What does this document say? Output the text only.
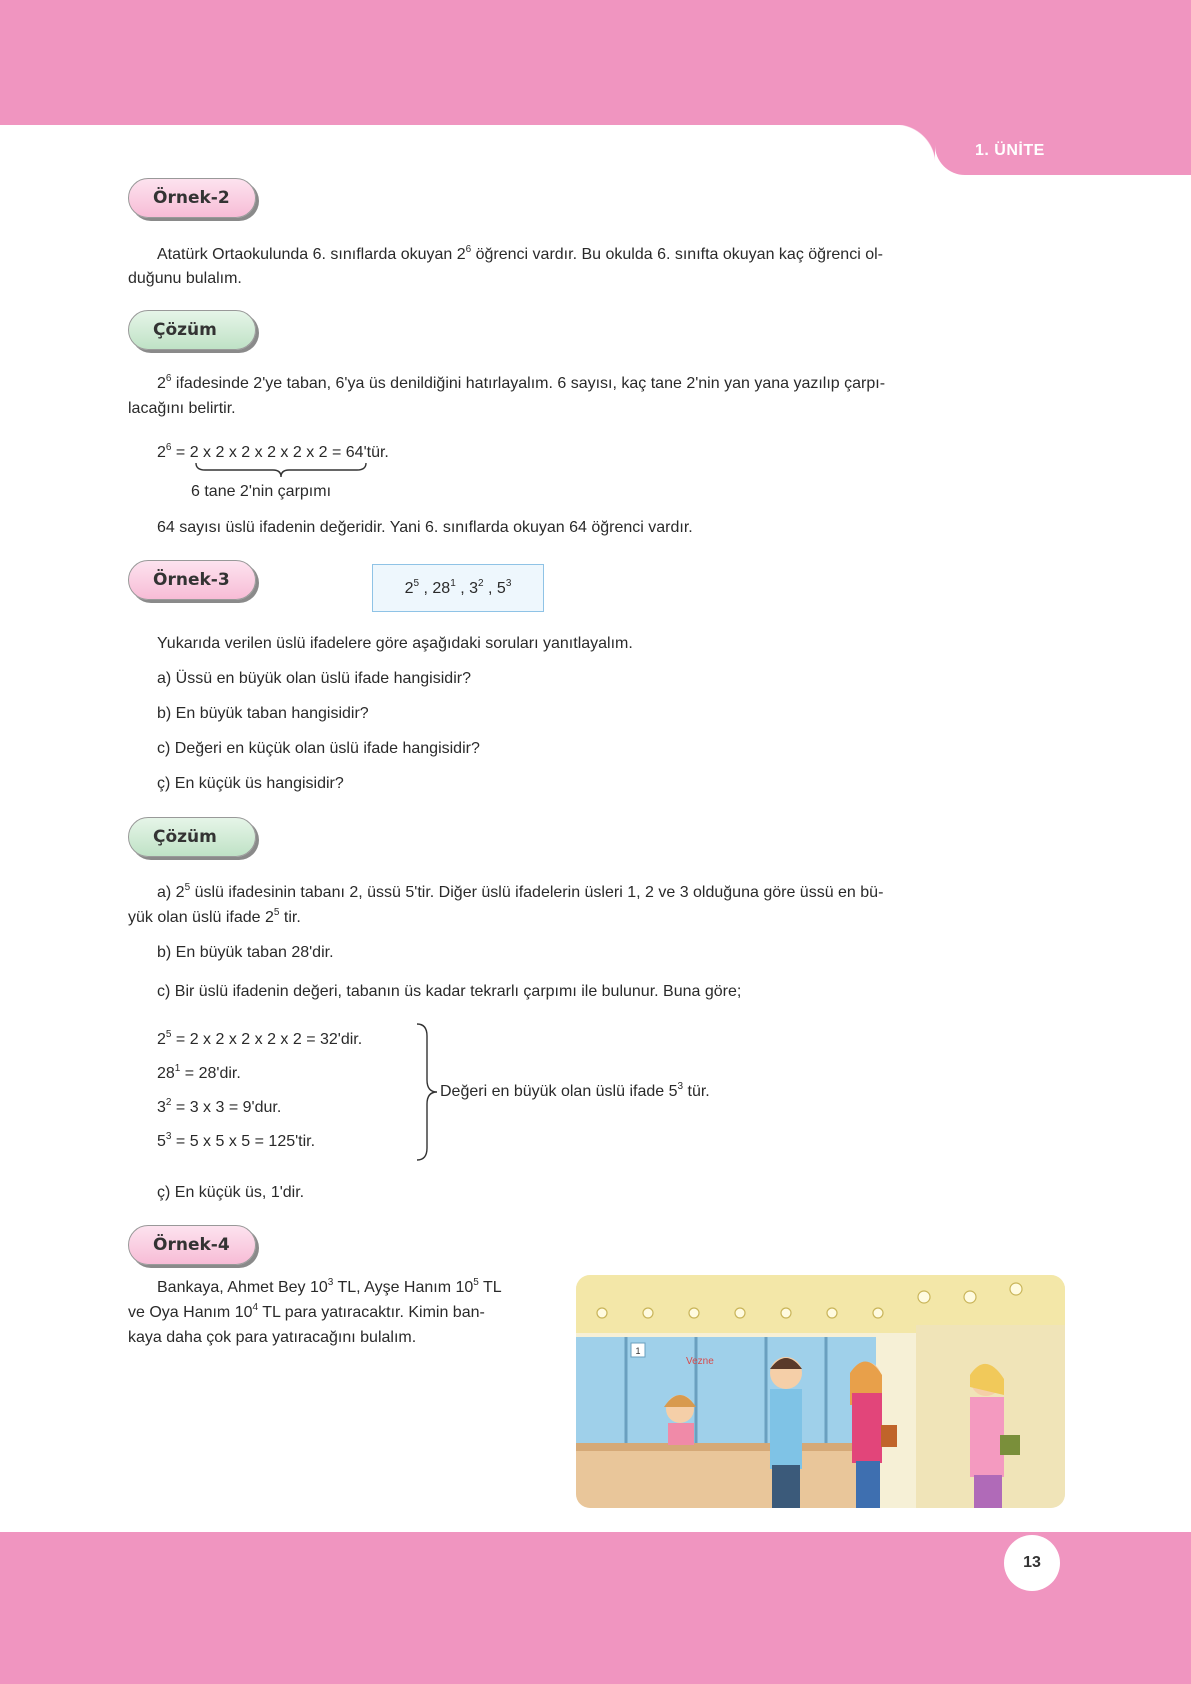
1. ÜNİTE
Örnek-2
Atatürk Ortaokulunda 6. sınıflarda okuyan $2^6$ öğrenci vardır. Bu okulda 6. sınıfta okuyan kaç öğrenci ol-
duğunu bulalım.
Çözüm
$2^6$ ifadesinde 2'ye taban, 6'ya üs denildiğini hatırlayalım. 6 sayısı, kaç tane 2'nin yan yana yazılıp çarpı-
lacağını belirtir.
$2^6 = 2$ x 2 x 2 x 2 x 2 x 2 = 64'tür.
6 tane 2'nin çarpımı
64 sayısı üslü ifadenin değeridir. Yani 6. sınıflarda okuyan 64 öğrenci vardır.
Örnek-3	$2^5$ , $28^1$ , $3^2$ , $5^3$
Yukarıda verilen üslü ifadelere göre aşağıdaki soruları yanıtlayalım.
a) Üssü en büyük olan üslü ifade hangisidir?
b) En büyük taban hangisidir?
c) Değeri en küçük olan üslü ifade hangisidir?
ç) En küçük üs hangisidir?
Çözüm
a) $2^5$ üslü ifadesinin tabanı 2, üssü 5'tir. Diğer üslü ifadelerin üsleri 1, 2 ve 3 olduğuna göre üssü en bü-
yük olan üslü ifade $2^5$ tir.
b) En büyük taban 28'dir.
c) Bir üslü ifadenin değeri, tabanın üs kadar tekrarlı çarpımı ile bulunur. Buna göre;
$2^5 = 2$ x 2 x 2 x 2 x 2 = 32'dir.
$28^1 = 28'dir$.
$3^2 = 3$ x 3 = 9'dur.
$5^3 = 5$ x 5 x 5 = 125'tir.
Değeri en büyük olan üslü ifade $5^3$ tür.
ç) En küçük üs, 1'dir.
Örnek-4
Bankaya, Ahmet Bey $10^3$ TL, Ayşe Hanım $10^5$ TL
ve Oya Hanım $10^4$ TL para yatıracaktır. Kimin ban-
kaya daha çok para yatıracağını bulalım.
1
Vezne
13
